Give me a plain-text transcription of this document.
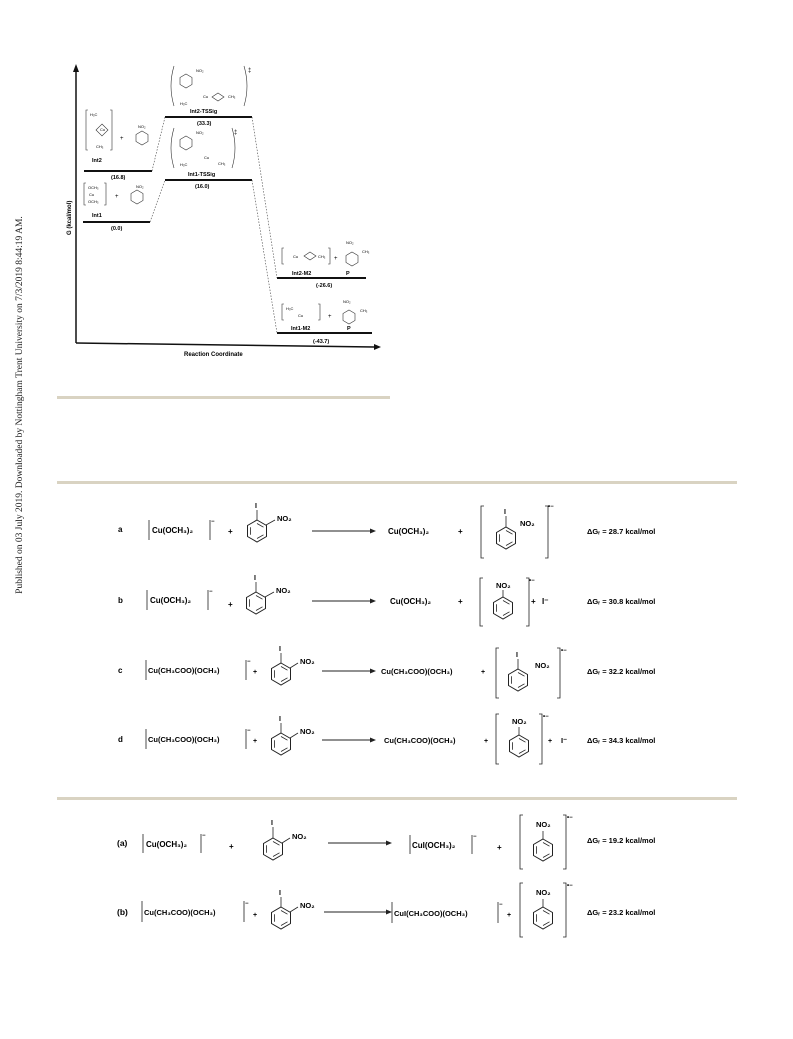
Published on 03 July 2019. Downloaded by Nottingham Trent University on 7/3/2019 8:44:19 AM.	G (kcal/mol)
Reaction Coordinate
Int1
(0.0)
Int2
(16.8)
Int2-TSSig
(33.3)
Int1-TSSig
(16.0)
Int2-M2
(-26.6)
Int1-M2
(-43.7)
P
P
OCH₃
Cu
OCH₃
+
NO₂
H₃C
Cu
CH₃
+
NO₂
NO₂
Cu	CH₃
H₃C
‡
NO₂
Cu
CH₃
H₃C
‡
Cu	CH₃ +
NO₂
CH₃
H₃C
Cu	+
NO₂
CH₃
a	Cu(OCH₃)₂
−
+
I
NO₂
Cu(OCH₃)₂	+
I
NO₂
•−
ΔGᵣ = 28.7 kcal/mol
b	Cu(OCH₃)₂
−
+
I
NO₂
Cu(OCH₃)₂	+
NO₂	•−
+ I⁻	ΔGᵣ = 30.8 kcal/mol
c	Cu(CH₃COO)(OCH₃)
−
+
I
NO₂
Cu(CH₃COO)(OCH₃)	+
I
NO₂
•−
ΔGᵣ = 32.2 kcal/mol
d	Cu(CH₃COO)(OCH₃)
−
+
I
NO₂
Cu(CH₃COO)(OCH₃)	+
NO₂	•−
+ I⁻	ΔGᵣ = 34.3 kcal/mol
(a) Cu(OCH₃)₂
−
+
I
NO₂
CuI(OCH₃)₂
−
+
NO₂
•−
ΔGᵣ = 19.2 kcal/mol
(b) Cu(CH₃COO)(OCH₃)
−
+
I
NO₂
CuI(CH₃COO)(OCH₃)
−
+
NO₂
•−
ΔGᵣ = 23.2 kcal/mol
